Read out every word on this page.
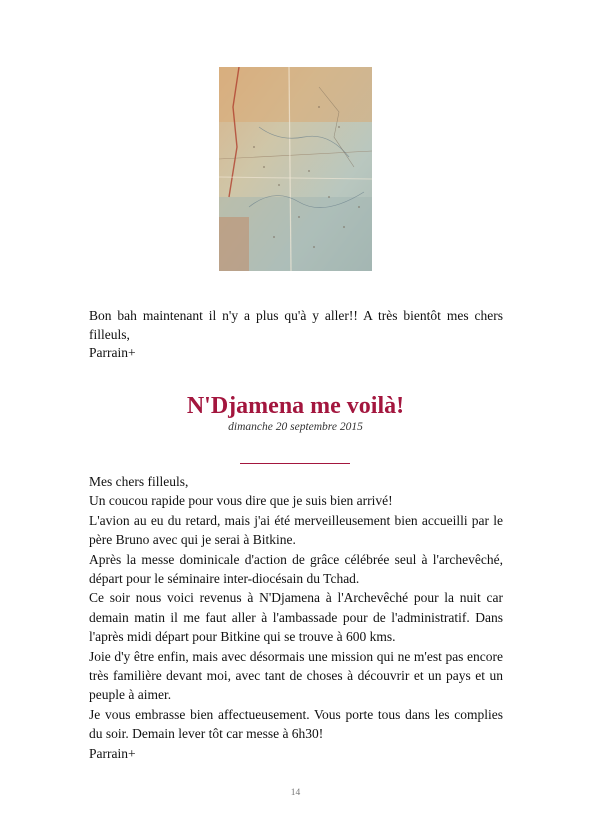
Bon bah maintenant il n'y a plus qu'à y aller!! A très bientôt mes chers filleuls,

Parrain+

N'Djamena me voilà!
dimanche 20 septembre 2015

Mes chers filleuls,

Un coucou rapide pour vous dire que je suis bien arrivé!

L'avion au eu du retard, mais j'ai été merveilleusement bien accueilli par le père Bruno avec qui je serai à Bitkine.

Après la messe dominicale d'action de grâce célébrée seul à l'archevêché, départ pour le séminaire inter-diocésain du Tchad.

Ce soir nous voici revenus à N'Djamena à l'Archevêché pour la nuit car demain matin il me faut aller à l'ambassade pour de l'administratif. Dans l'après midi départ pour Bitkine qui se trouve à 600 kms.

Joie d'y être enfin, mais avec désormais une mission qui ne m'est pas encore très familière devant moi, avec tant de choses à découvrir et un pays et un peuple à aimer.

Je vous embrasse bien affectueusement. Vous porte tous dans les complies du soir. Demain lever tôt car messe à 6h30!

Parrain+

14
